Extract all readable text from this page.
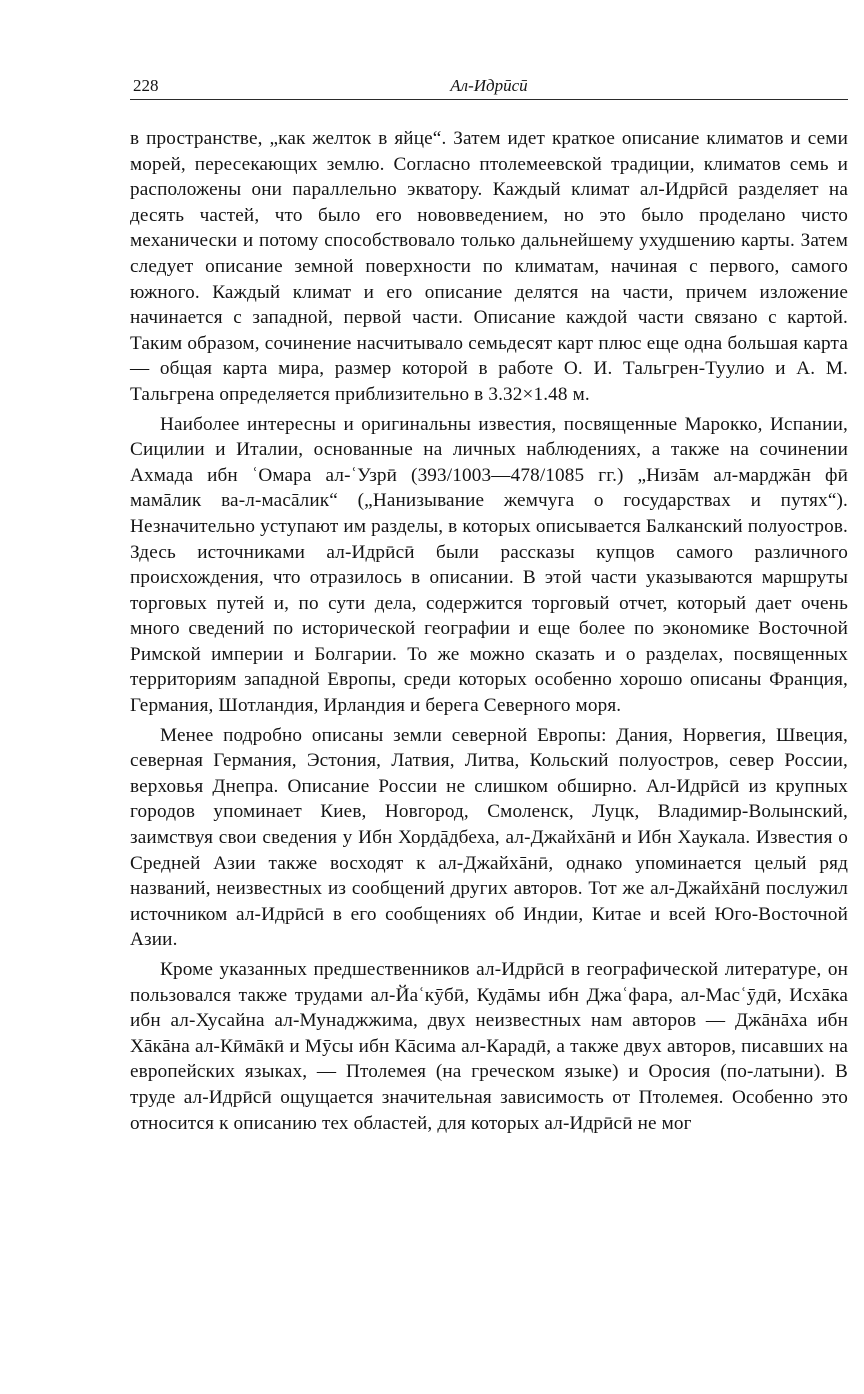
228	Ал-Идрӣсӣ

в пространстве, „как желток в яйце“. Затем идет краткое описание климатов и семи морей, пересекающих землю. Согласно птолемеевской традиции, климатов семь и расположены они параллельно экватору. Каждый климат ал-Идрӣсӣ разделяет на десять частей, что было его нововведением, но это было проделано чисто механически и потому способствовало только дальнейшему ухудшению карты. Затем следует описание земной поверхности по климатам, начиная с первого, самого южного. Каждый климат и его описание делятся на части, причем изложение начинается с западной, первой части. Описание каждой части связано с картой. Таким образом, сочинение насчитывало семьдесят карт плюс еще одна большая карта — общая карта мира, размер которой в работе О. И. Тальгрен-Туулио и А. М. Тальгрена определяется приблизительно в 3.32×1.48 м.

Наиболее интересны и оригинальны известия, посвященные Марокко, Испании, Сицилии и Италии, основанные на личных наблюдениях, а также на сочинении Ахмада ибн ʿОмара ал-ʿУзрӣ (393/1003—478/1085 гг.) „Низāм ал-марджāн фӣ мамāлик ва-л-масāлик“ („Нанизывание жемчуга о государствах и путях“). Незначительно уступают им разделы, в которых описывается Балканский полуостров. Здесь источниками ал-Идрӣсӣ были рассказы купцов самого различного происхождения, что отразилось в описании. В этой части указываются маршруты торговых путей и, по сути дела, содержится торговый отчет, который дает очень много сведений по исторической географии и еще более по экономике Восточной Римской империи и Болгарии. То же можно сказать и о разделах, посвященных территориям западной Европы, среди которых особенно хорошо описаны Франция, Германия, Шотландия, Ирландия и берега Северного моря.

Менее подробно описаны земли северной Европы: Дания, Норвегия, Швеция, северная Германия, Эстония, Латвия, Литва, Кольский полуостров, север России, верховья Днепра. Описание России не слишком обширно. Ал-Идрӣсӣ из крупных городов упоминает Киев, Новгород, Смоленск, Луцк, Владимир-Волынский, заимствуя свои сведения у Ибн Хордāдбеха, ал-Джайхāнӣ и Ибн Хаукала. Известия о Средней Азии также восходят к ал-Джайхāнӣ, однако упоминается целый ряд названий, неизвестных из сообщений других авторов. Тот же ал-Джайхāнӣ послужил источником ал-Идрӣсӣ в его сообщениях об Индии, Китае и всей Юго-Восточной Азии.

Кроме указанных предшественников ал-Идрӣсӣ в географической литературе, он пользовался также трудами ал-Йаʿкӯбӣ, Кудāмы ибн Джаʿфара, ал-Масʿӯдӣ, Исхāка ибн ал-Хусайна ал-Мунаджжима, двух неизвестных нам авторов — Джāнāха ибн Хāкāна ал-Кӣмāкӣ и Мӯсы ибн Кāсима ал-Карадӣ, а также двух авторов, писавших на европейских языках, — Птолемея (на греческом языке) и Оросия (по-латыни). В труде ал-Идрӣсӣ ощущается значительная зависимость от Птолемея. Особенно это относится к описанию тех областей, для которых ал-Идрӣсӣ не мог
